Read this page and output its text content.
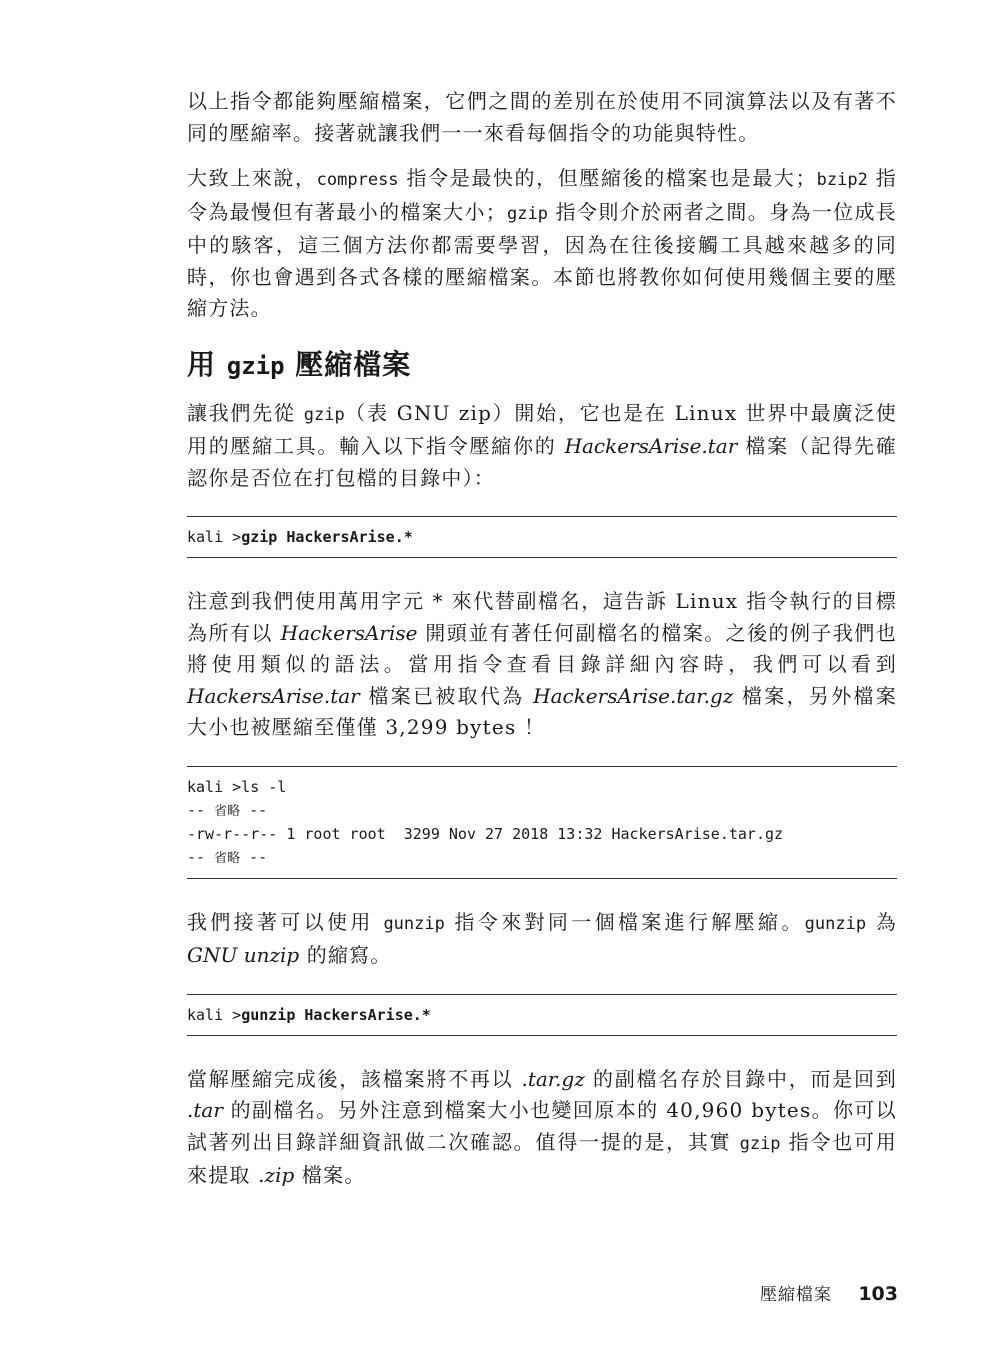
以上指令都能夠壓縮檔案，它們之間的差別在於使用不同演算法以及有著不同的壓縮率。接著就讓我們一一來看每個指令的功能與特性。

大致上來說，compress 指令是最快的，但壓縮後的檔案也是最大；bzip2 指令為最慢但有著最小的檔案大小；gzip 指令則介於兩者之間。身為一位成長中的駭客，這三個方法你都需要學習，因為在往後接觸工具越來越多的同時，你也會遇到各式各樣的壓縮檔案。本節也將教你如何使用幾個主要的壓縮方法。

用 gzip 壓縮檔案

讓我們先從 gzip（表 GNU zip）開始，它也是在 Linux 世界中最廣泛使用的壓縮工具。輸入以下指令壓縮你的 HackersArise.tar 檔案（記得先確認你是否位在打包檔的目錄中）：

kali >gzip HackersArise.*

注意到我們使用萬用字元 * 來代替副檔名，這告訴 Linux 指令執行的目標為所有以 HackersArise 開頭並有著任何副檔名的檔案。之後的例子我們也將使用類似的語法。當用指令查看目錄詳細內容時，我們可以看到 HackersArise.tar 檔案已被取代為 HackersArise.tar.gz 檔案，另外檔案大小也被壓縮至僅僅 3,299 bytes ！

kali >ls -l
-- 省略 --
-rw-r--r-- 1 root root  3299 Nov 27 2018 13:32 HackersArise.tar.gz
-- 省略 --

我們接著可以使用 gunzip 指令來對同一個檔案進行解壓縮。gunzip 為 GNU unzip 的縮寫。

kali >gunzip HackersArise.*

當解壓縮完成後，該檔案將不再以 .tar.gz 的副檔名存於目錄中，而是回到 .tar 的副檔名。另外注意到檔案大小也變回原本的 40,960 bytes。你可以試著列出目錄詳細資訊做二次確認。值得一提的是，其實 gzip 指令也可用來提取 .zip 檔案。

壓縮檔案 103
